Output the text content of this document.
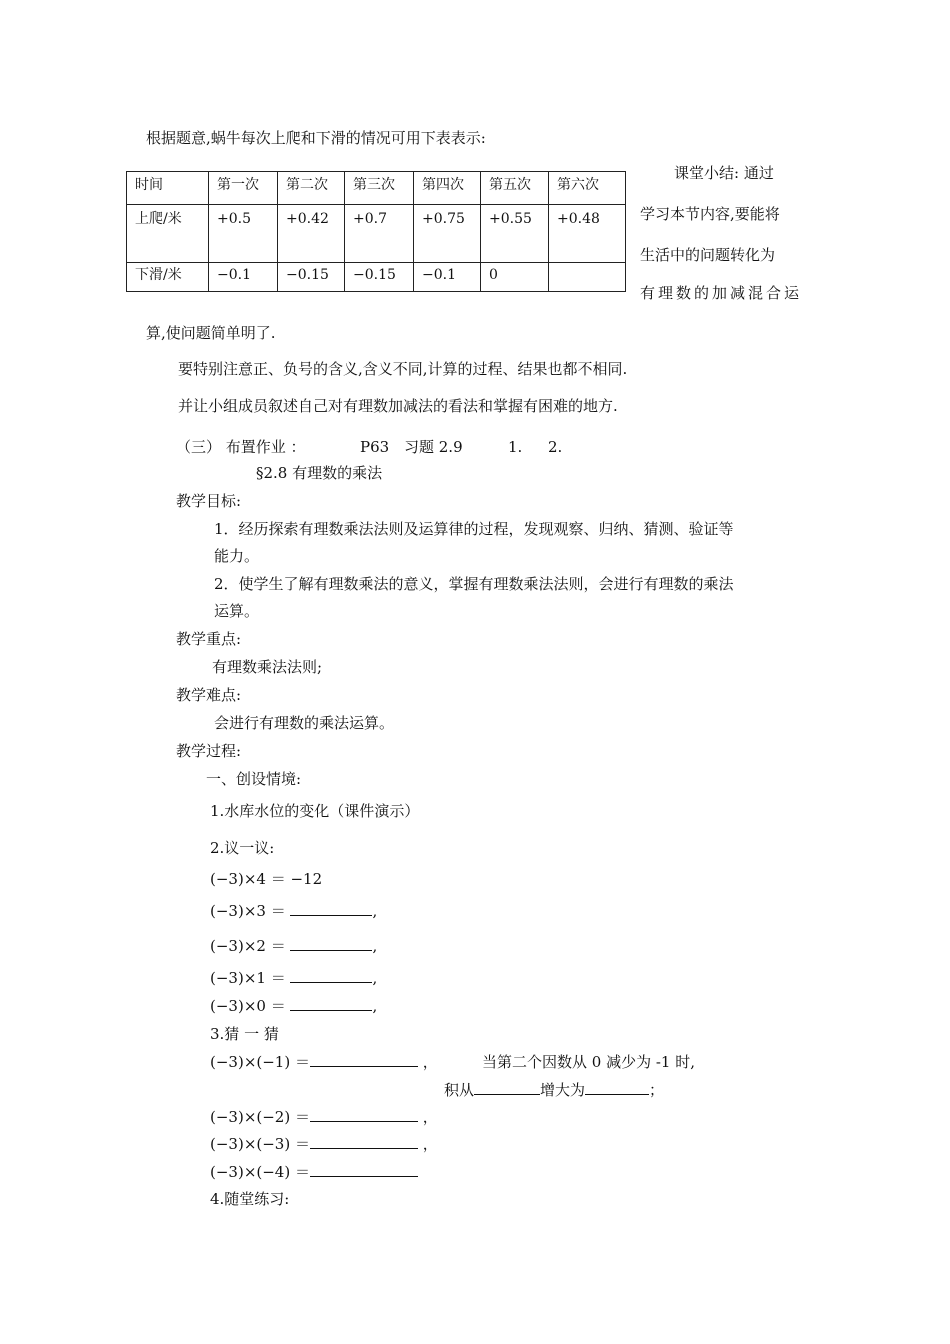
根据题意,蜗牛每次上爬和下滑的情况可用下表表示:
时间	第一次	第二次	第三次	第四次	第五次	第六次
上爬/米	+0.5	+0.42	+0.7	+0.75	+0.55	+0.48
下滑/米	−0.1	−0.15	−0.15	−0.1	0	
课堂小结: 通过
学习本节内容,要能将
生活中的问题转化为
有理数的加减混合运
算,使问题简单明了.
要特别注意正、负号的含义,含义不同,计算的过程、结果也都不相同.
并让小组成员叙述自己对有理数加减法的看法和掌握有困难的地方.
（三） 布置作业 ：	P63 习题 2.9	1. 2.
§2.8 有理数的乘法
教学目标:
1．经历探索有理数乘法法则及运算律的过程，发现观察、归纳、猜测、验证等
能力。
2．使学生了解有理数乘法的意义，掌握有理数乘法法则，会进行有理数的乘法
运算。
教学重点:
有理数乘法法则;
教学难点:
会进行有理数的乘法运算。
教学过程:
一、创设情境:
1.水库水位的变化（课件演示）
2.议一议:
(−3)×4 ＝ −12
(−3)×3 ＝	,
(−3)×2 ＝	,
(−3)×1 ＝	,
(−3)×0 ＝	,
3.猜 一 猜
(−3)×(−1) ＝	，	当第二个因数从 0 减少为 -1 时,
积从	增大为	；
(−3)×(−2) ＝	，
(−3)×(−3) ＝	，
(−3)×(−4) ＝
4.随堂练习:
